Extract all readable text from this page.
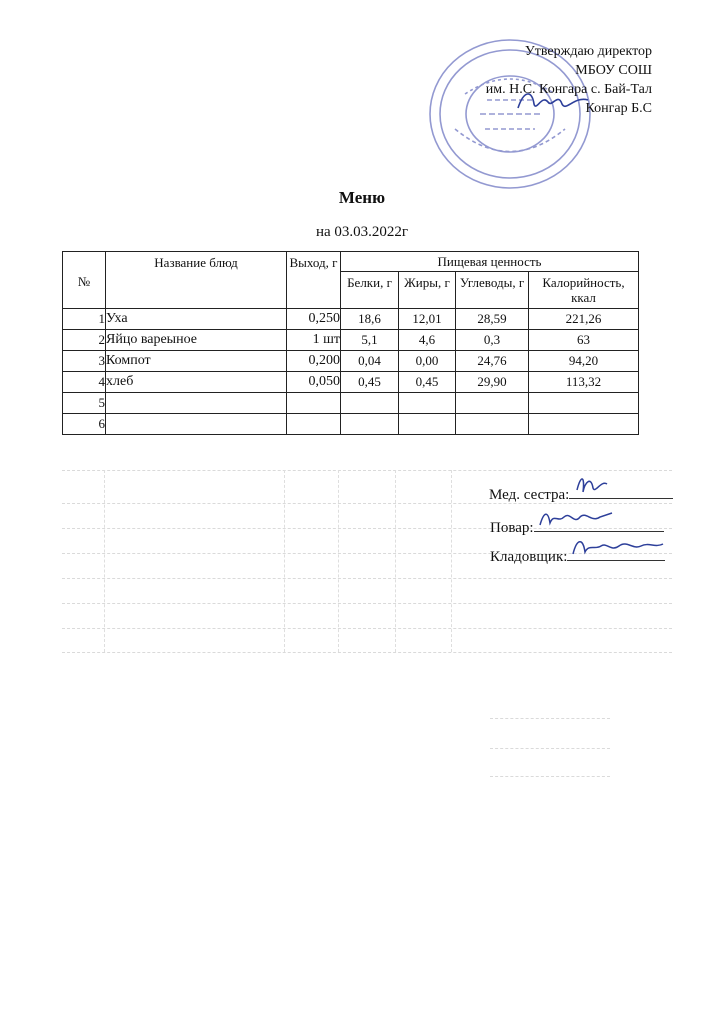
Утверждаю директор
МБОУ СОШ
им. Н.С. Конгара с. Бай-Тал
Конгар Б.С
Меню
на 03.03.2022г
№	Название блюд	Выход, г	Пищевая ценность			

			Белки, г	Жиры, г	Углеводы, г	Калорийность, ккал

1	Уха	0,250	18,6	12,01	28,59	221,26
2	Яйцо вареыное	1 шт	5,1	4,6	0,3	63
3	Компот	0,200	0,04	0,00	24,76	94,20
4	хлеб	0,050	0,45	0,45	29,90	113,32
5						
6						
Мед. сестра:
Повар:
Кладовщик:
